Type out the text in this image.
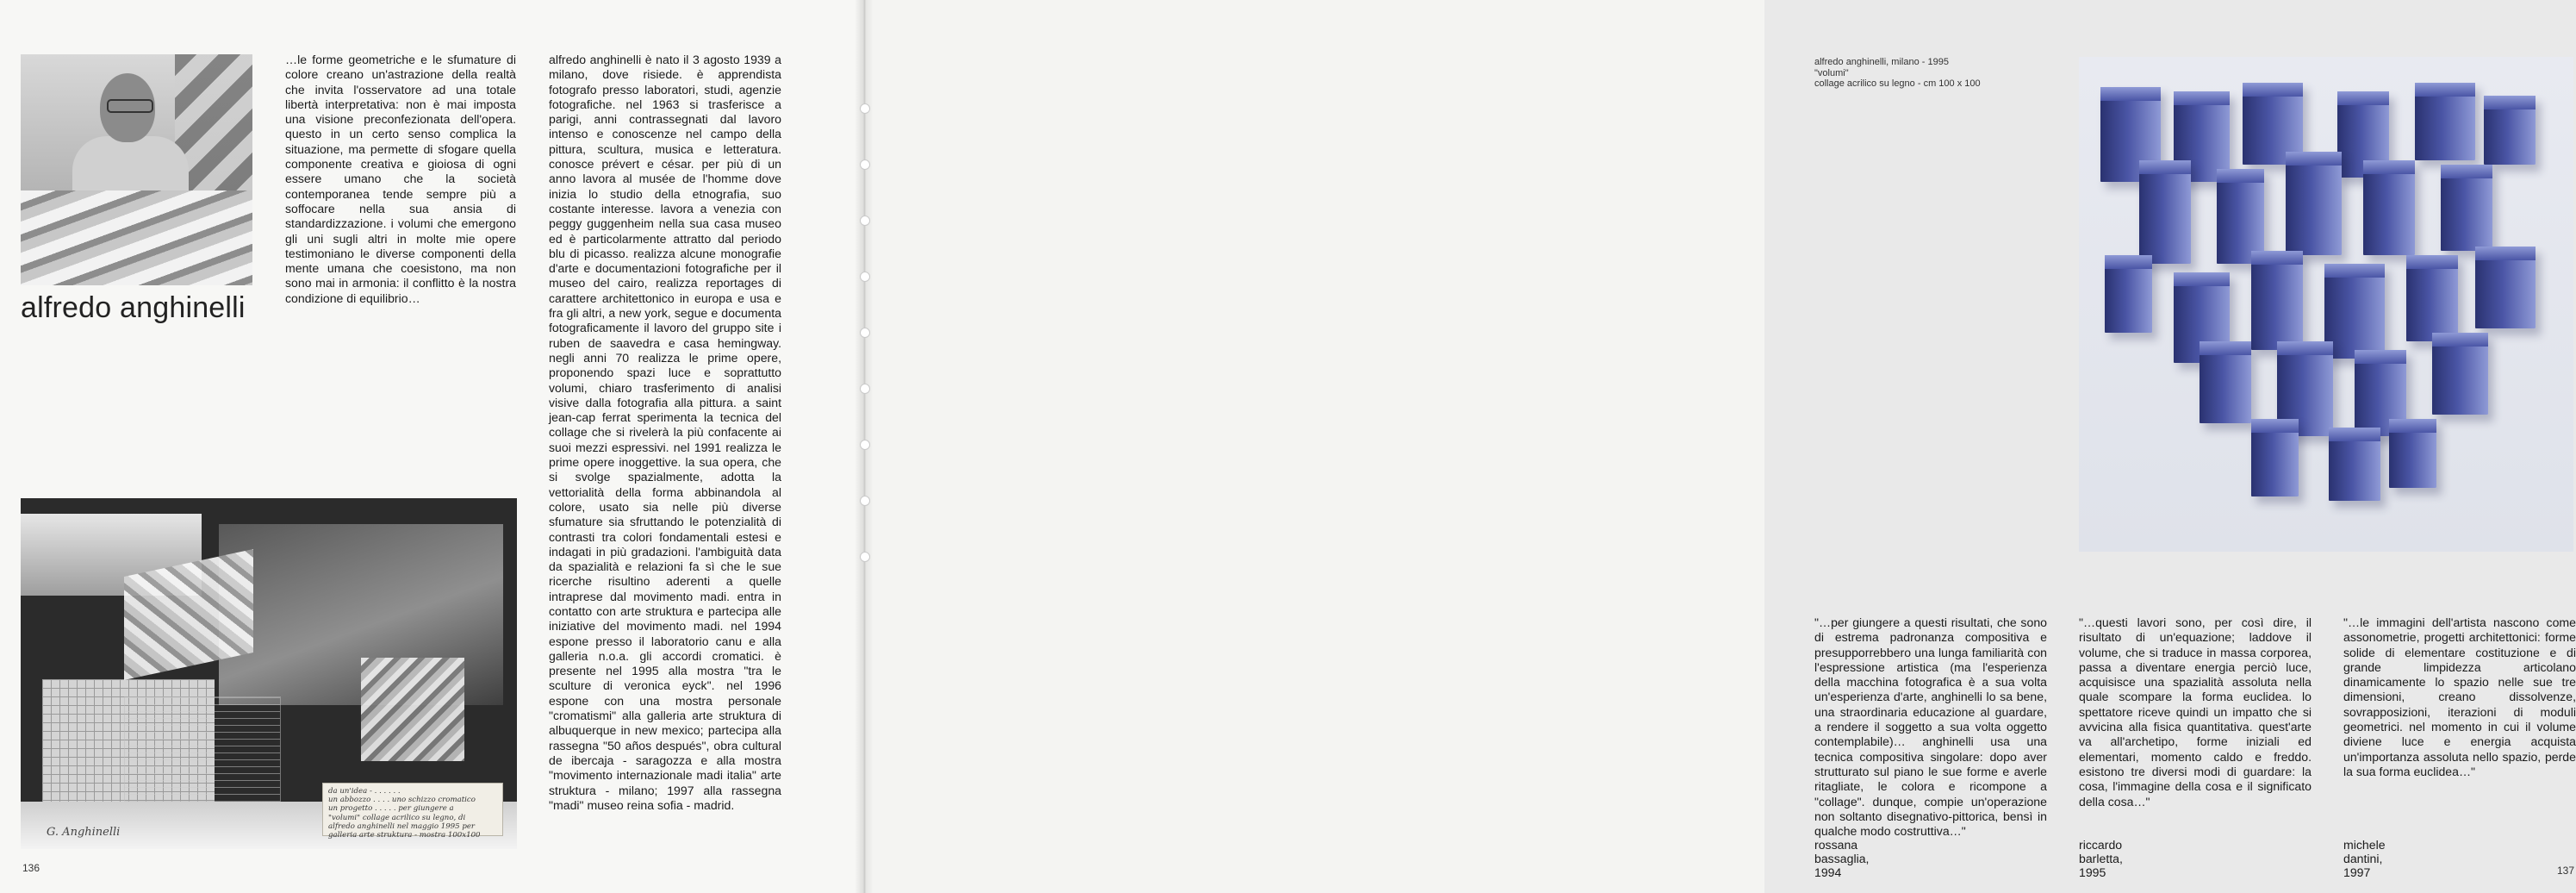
alfredo anghinelli
…le forme geometriche e le sfumature di colore creano un'astrazione della realtà che invita l'osservatore ad una totale libertà interpretativa: non è mai imposta una visione preconfezionata dell'opera. questo in un certo senso complica la situazione, ma permette di sfogare quella componente creativa e gioiosa di ogni essere umano che la società contemporanea tende sempre più a soffocare nella sua ansia di standardizzazione. i volumi che emergono gli uni sugli altri in molte mie opere testimoniano le diverse componenti della mente umana che coesistono, ma non sono mai in armonia: il conflitto è la nostra condizione di equilibrio…
alfredo anghinelli è nato il 3 agosto 1939 a milano, dove risiede. è apprendista fotografo presso laboratori, studi, agenzie fotografiche. nel 1963 si trasferisce a parigi, anni contrassegnati dal lavoro intenso e conoscenze nel campo della pittura, scultura, musica e letteratura. conosce prévert e césar. per più di un anno lavora al musée de l'homme dove inizia lo studio della etnografia, suo costante interesse. lavora a venezia con peggy guggenheim nella sua casa museo ed è particolarmente attratto dal periodo blu di picasso. realizza alcune monografie d'arte e documentazioni fotografiche per il museo del cairo, realizza reportages di carattere architettonico in europa e usa e fra gli altri, a new york, segue e documenta fotograficamente il lavoro del gruppo site i ruben de saavedra e casa hemingway. negli anni 70 realizza le prime opere, proponendo spazi luce e soprattutto volumi, chiaro trasferimento di analisi visive dalla fotografia alla pittura. a saint jean-cap ferrat sperimenta la tecnica del collage che si rivelerà la più confacente ai suoi mezzi espressivi. nel 1991 realizza le prime opere inoggettive. la sua opera, che si svolge spazialmente, adotta la vettorialità della forma abbinandola al colore, usato sia nelle più diverse sfumature sia sfruttando le potenzialità di contrasti tra colori fondamentali estesi e indagati in più gradazioni. l'ambiguità data da spazialità e relazioni fa sì che le sue ricerche risultino aderenti a quelle intraprese dal movimento madi. entra in contatto con arte struktura e partecipa alle iniziative del movimento madi. nel 1994 espone presso il laboratorio canu e alla galleria n.o.a. gli accordi cromatici. è presente nel 1995 alla mostra "tra le sculture di veronica eyck". nel 1996 espone con una mostra personale "cromatismi" alla galleria arte struktura di albuquerque in new mexico; partecipa alla rassegna "50 años después", obra cultural de ibercaja - saragozza e alla mostra "movimento internazionale madi italia" arte struktura - milano; 1997 alla rassegna "madi" museo reina sofia - madrid.
G. Anghinelli
da un'idea - . . . . . .
un abbozzo . . . . uno schizzo cromatico
un progetto . . . . . per giungere a
"volumi" collage acrilico su legno, di
alfredo anghinelli nel maggio 1995 per
galleria arte struktura - mostra 100x100
136
alfredo anghinelli, milano - 1995
"volumi"
collage acrilico su legno - cm 100 x 100
"…per giungere a questi risultati, che sono di estrema padronanza compositiva e presupporrebbero una lunga familiarità con l'espressione artistica (ma l'esperienza della macchina fotografica è a sua volta un'esperienza d'arte, anghinelli lo sa bene, una straordinaria educazione al guardare, a rendere il soggetto a sua volta oggetto contemplabile)… anghinelli usa una tecnica compositiva singolare: dopo aver strutturato sul piano le sue forme e averle ritagliate, le colora e ricompone a "collage". dunque, compie un'operazione non soltanto disegnativo-pittorica, bensì in qualche modo costruttiva…"
"…questi lavori sono, per così dire, il risultato di un'equazione; laddove il volume, che si traduce in massa corporea, passa a diventare energia perciò luce, acquisisce una spazialità assoluta nella quale scompare la forma euclidea. lo spettatore riceve quindi un impatto che si avvicina alla fisica quantitativa. quest'arte va all'archetipo, forme iniziali ed elementari, momento caldo e freddo. esistono tre diversi modi di guardare: la cosa, l'immagine della cosa e il significato della cosa…"
"…le immagini dell'artista nascono come assonometrie, progetti architettonici: forme solide di elementare costituzione e di grande limpidezza articolano dinamicamente lo spazio nelle sue tre dimensioni, creano dissolvenze, sovrapposizioni, iterazioni di moduli geometrici. nel momento in cui il volume diviene luce e energia acquista un'importanza assoluta nello spazio, perde la sua forma euclidea…"
rossana bassaglia, 1994
riccardo barletta, 1995
michele dantini, 1997	137
